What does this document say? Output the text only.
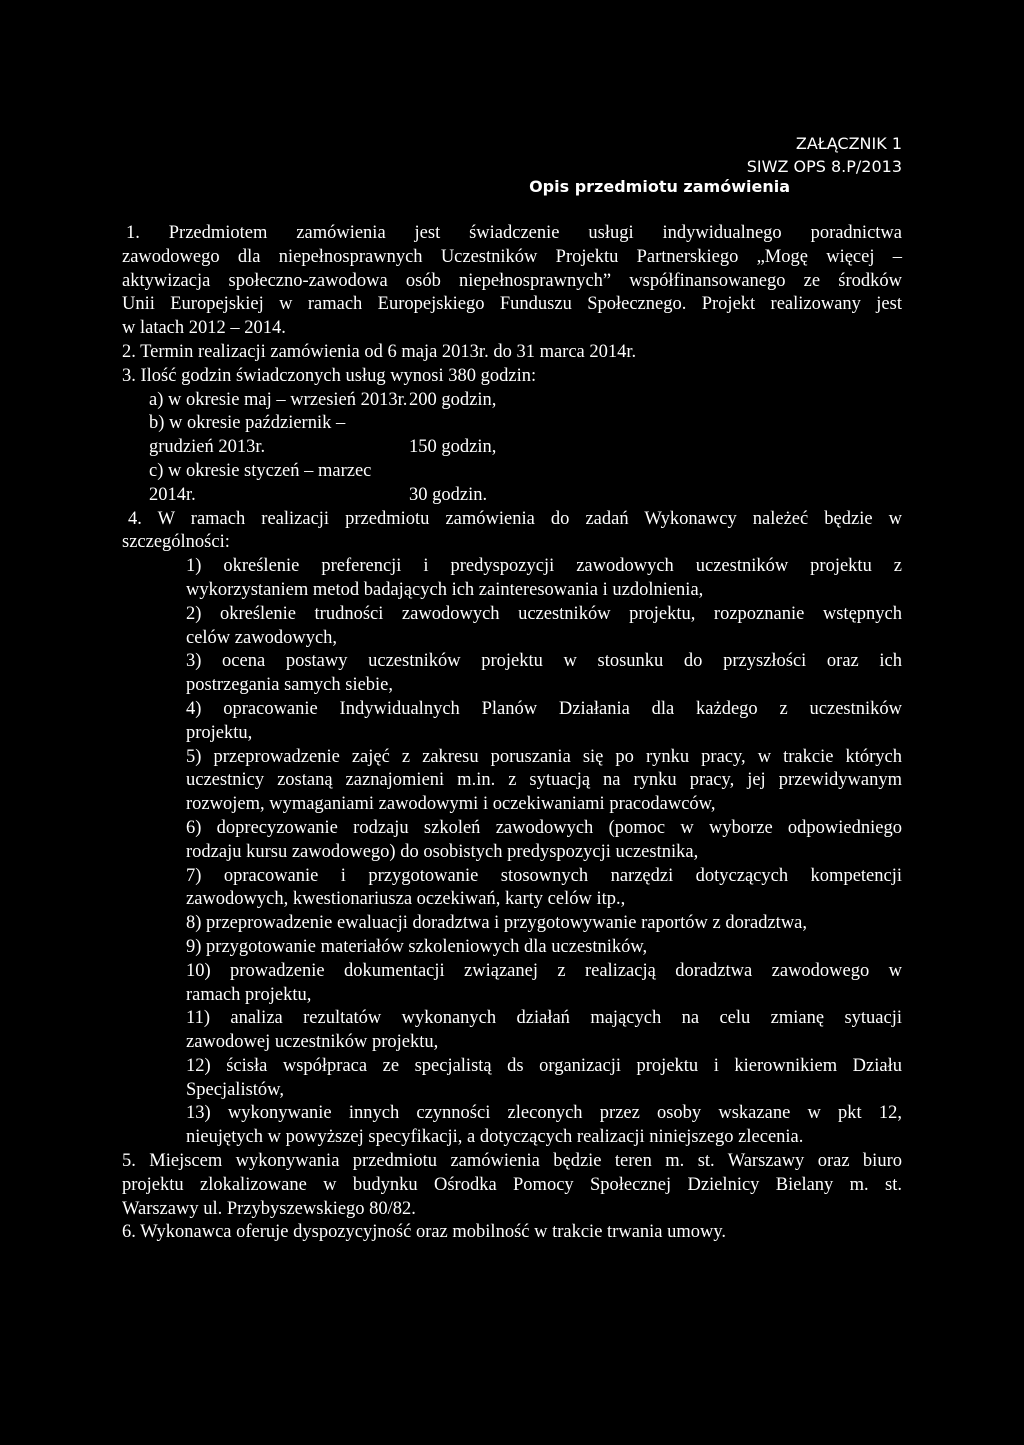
ZAŁĄCZNIK 1
SIWZ OPS 8.P/2013
Opis przedmiotu zamówienia
1. Przedmiotem zamówienia jest świadczenie usługi indywidualnego poradnictwa
zawodowego dla niepełnosprawnych Uczestników Projektu Partnerskiego „Mogę więcej –
aktywizacja społeczno-zawodowa osób niepełnosprawnych” współfinansowanego ze środków
Unii Europejskiej w ramach Europejskiego Funduszu Społecznego. Projekt realizowany jest
w latach 2012 – 2014.
2. Termin realizacji zamówienia od 6 maja 2013r. do 31 marca 2014r.
3. Ilość godzin świadczonych usług wynosi 380 godzin:
a) w okresie maj – wrzesień 2013r.200 godzin,
b) w okresie październik – grudzień 2013r.	150 godzin,
c) w okresie styczeń – marzec 2014r.	30 godzin.
4. W ramach realizacji przedmiotu zamówienia do zadań Wykonawcy należeć będzie w
szczególności:
1) określenie preferencji i predyspozycji zawodowych uczestników projektu z
wykorzystaniem metod badających ich zainteresowania i uzdolnienia,
2) określenie trudności zawodowych uczestników projektu, rozpoznanie wstępnych
celów zawodowych,
3) ocena postawy uczestników projektu w stosunku do przyszłości oraz ich
postrzegania samych siebie,
4) opracowanie Indywidualnych Planów Działania dla każdego z uczestników
projektu,
5) przeprowadzenie zajęć z zakresu poruszania się po rynku pracy, w trakcie których
uczestnicy zostaną zaznajomieni m.in. z sytuacją na rynku pracy, jej przewidywanym
rozwojem, wymaganiami zawodowymi i oczekiwaniami pracodawców,
6) doprecyzowanie rodzaju szkoleń zawodowych (pomoc w wyborze odpowiedniego
rodzaju kursu zawodowego) do osobistych predyspozycji uczestnika,
7) opracowanie i przygotowanie stosownych narzędzi dotyczących kompetencji
zawodowych, kwestionariusza oczekiwań, karty celów itp.,
8) przeprowadzenie ewaluacji doradztwa i przygotowywanie raportów z doradztwa,
9) przygotowanie materiałów szkoleniowych dla uczestników,
10) prowadzenie dokumentacji związanej z realizacją doradztwa zawodowego w
ramach projektu,
11) analiza rezultatów wykonanych działań mających na celu zmianę sytuacji
zawodowej uczestników projektu,
12) ścisła współpraca ze specjalistą ds organizacji projektu i kierownikiem Działu
Specjalistów,
13) wykonywanie innych czynności zleconych przez osoby wskazane w pkt 12,
nieujętych w powyższej specyfikacji, a dotyczących realizacji niniejszego zlecenia.
5. Miejscem wykonywania przedmiotu zamówienia będzie teren m. st. Warszawy oraz biuro
projektu zlokalizowane w budynku Ośrodka Pomocy Społecznej Dzielnicy Bielany m. st.
Warszawy ul. Przybyszewskiego 80/82.
6. Wykonawca oferuje dyspozycyjność oraz mobilność w trakcie trwania umowy.
